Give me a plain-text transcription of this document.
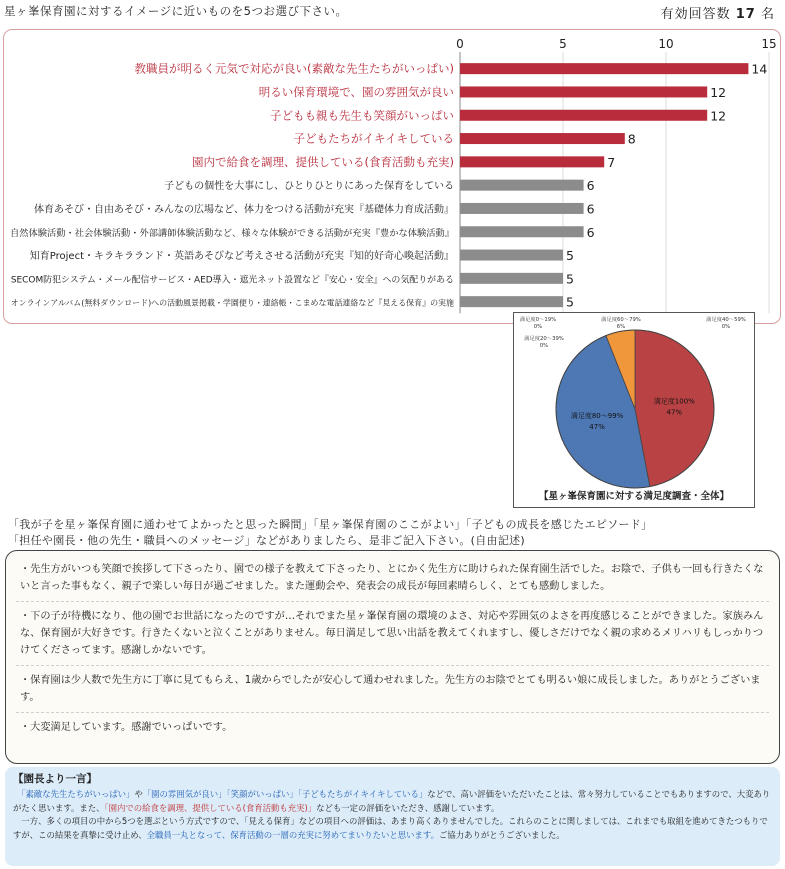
星ヶ峯保育園に対するイメージに近いものを5つお選び下さい。	有効回答数 17 名
0	5	10	15
教職員が明るく元気で対応が良い(素敵な先生たちがいっぱい)	14
明るい保育環境で、園の雰囲気が良い	12
子どもも親も先生も笑顔がいっぱい	12
子どもたちがイキイキしている	8
園内で給食を調理、提供している(食育活動も充実)	7
子どもの個性を大事にし、ひとりひとりにあった保育をしている	6
体育あそび・自由あそび・みんなの広場など、体力をつける活動が充実『基礎体力育成活動』	6
自然体験活動・社会体験活動・外部講師体験活動など、様々な体験ができる活動が充実『豊かな体験活動』	6
知育Project・キラキラランド・英語あそびなど考えさせる活動が充実『知的好奇心喚起活動』	5
SECOM防犯システム・メール配信サービス・AED導入・遮光ネット設置など『安心・安全』への気配りがある	5
オンラインアルバム(無料ダウンロード)への活動風景掲載・学園便り・連絡帳・こまめな電話連絡など『見える保育』の実施	5
満足度100%
47%
満足度80〜99%
47%
満足度60〜79%
6%
満足度20〜39%
0%
満足度0〜19%
0%
満足度40〜59%
0%
【星ヶ峯保育園に対する満足度調査・全体】
「我が子を星ヶ峯保育園に通わせてよかったと思った瞬間」「星ヶ峯保育園のここがよい」「子どもの成長を感じたエピソード」
「担任や園長・他の先生・職員へのメッセージ」などがありましたら、是非ご記入下さい。(自由記述)
・先生方がいつも笑顔で挨拶して下さったり、園での様子を教えて下さったり、とにかく先生方に助けられた保育園生活でした。お陰で、子供も一回も行きたくないと言った事もなく、親子で楽しい毎日が過ごせました。また運動会や、発表会の成長が毎回素晴らしく、とても感動しました。
・下の子が待機になり、他の園でお世話になったのですが…それでまた星ヶ峯保育園の環境のよさ、対応や雰囲気のよさを再度感じることができました。家族みんな、保育園が大好きです。行きたくないと泣くことがありません。毎日満足して思い出話を教えてくれますし、優しさだけでなく親の求めるメリハリもしっかりつけてくださってます。感謝しかないです。
・保育園は少人数で先生方に丁寧に見てもらえ、1歳からでしたが安心して通わせれました。先生方のお陰でとても明るい娘に成長しました。ありがとうございます。
・大変満足しています。感謝でいっぱいです。
【園長より一言】
　「素敵な先生たちがいっぱい」や「園の雰囲気が良い」「笑顔がいっぱい」「子どもたちがイキイキしている」などで、高い評価をいただいたことは、常々努力していることでもありますので、大変ありがたく思います。また、「園内での給食を調理、提供している(食育活動も充実)」なども一定の評価をいただき、感謝しています。
　一方、多くの項目の中から5つを選ぶという方式ですので、「見える保育」などの項目への評価は、あまり高くありませんでした。これらのことに関しましては、これまでも取組を進めてきたつもりですが、この結果を真摯に受け止め、全職員一丸となって、保育活動の一層の充実に努めてまいりたいと思います。ご協力ありがとうございました。
